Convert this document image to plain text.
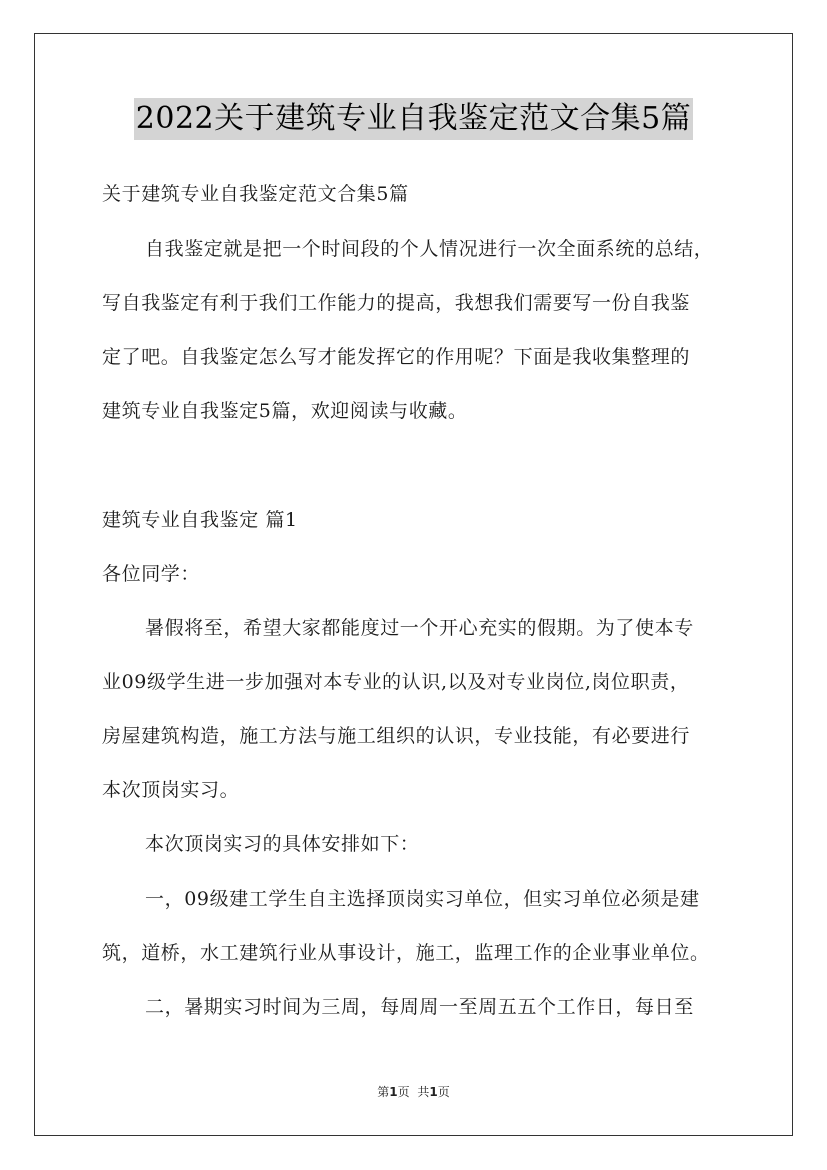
2022关于建筑专业自我鉴定范文合集5篇

关于建筑专业自我鉴定范文合集5篇

自我鉴定就是把一个时间段的个人情况进行一次全面系统的总结，

写自我鉴定有利于我们工作能力的提高，我想我们需要写一份自我鉴

定了吧。自我鉴定怎么写才能发挥它的作用呢？下面是我收集整理的

建筑专业自我鉴定5篇，欢迎阅读与收藏。

建筑专业自我鉴定 篇1

各位同学：

暑假将至，希望大家都能度过一个开心充实的假期。为了使本专

业09级学生进一步加强对本专业的认识,以及对专业岗位,岗位职责，

房屋建筑构造，施工方法与施工组织的认识，专业技能，有必要进行

本次顶岗实习。

本次顶岗实习的具体安排如下：

一，09级建工学生自主选择顶岗实习单位，但实习单位必须是建

筑，道桥，水工建筑行业从事设计，施工，监理工作的企业事业单位。

二，暑期实习时间为三周，每周周一至周五五个工作日，每日至

第1页 共1页
